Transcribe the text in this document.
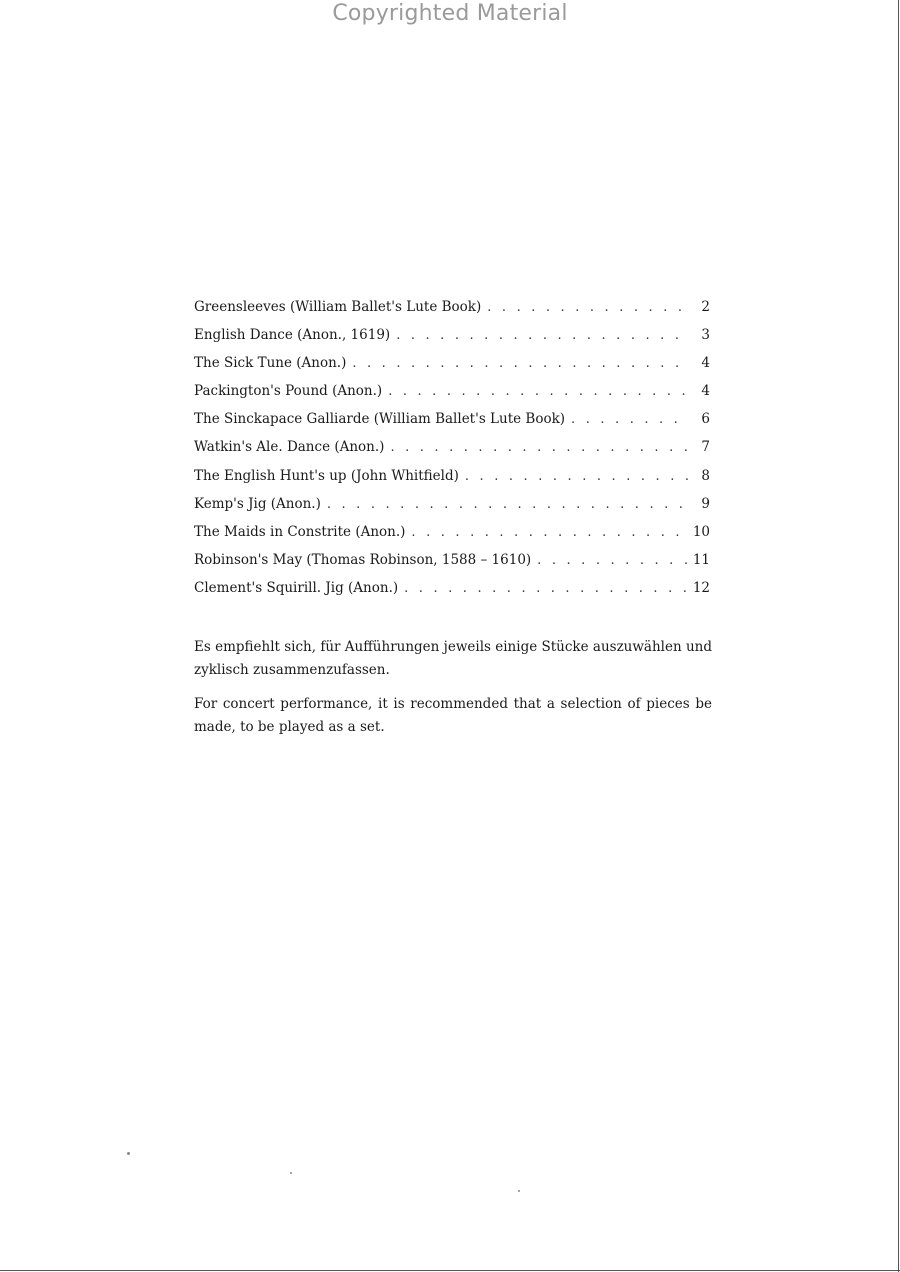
Copyrighted Material
Greensleeves (William Ballet's Lute Book) . . .	2
English Dance (Anon., 1619) . . .	3
The Sick Tune (Anon.) . . .	4
Packington's Pound (Anon.) . . .	4
The Sinckapace Galliarde (William Ballet's Lute Book) . . .	6
Watkin's Ale. Dance (Anon.) . . .	7
The English Hunt's up (John Whitfield) . . .	8
Kemp's Jig (Anon.) . . .	9
The Maids in Constrite (Anon.) . . .	10
Robinson's May (Thomas Robinson, 1588 – 1610) . . .	11
Clement's Squirill. Jig (Anon.) . . .	12

Es empfiehlt sich, für Aufführungen jeweils einige Stücke auszuwählen und zyklisch zusammenzufassen.

For concert performance, it is recommended that a selection of pieces be made, to be played as a set.
